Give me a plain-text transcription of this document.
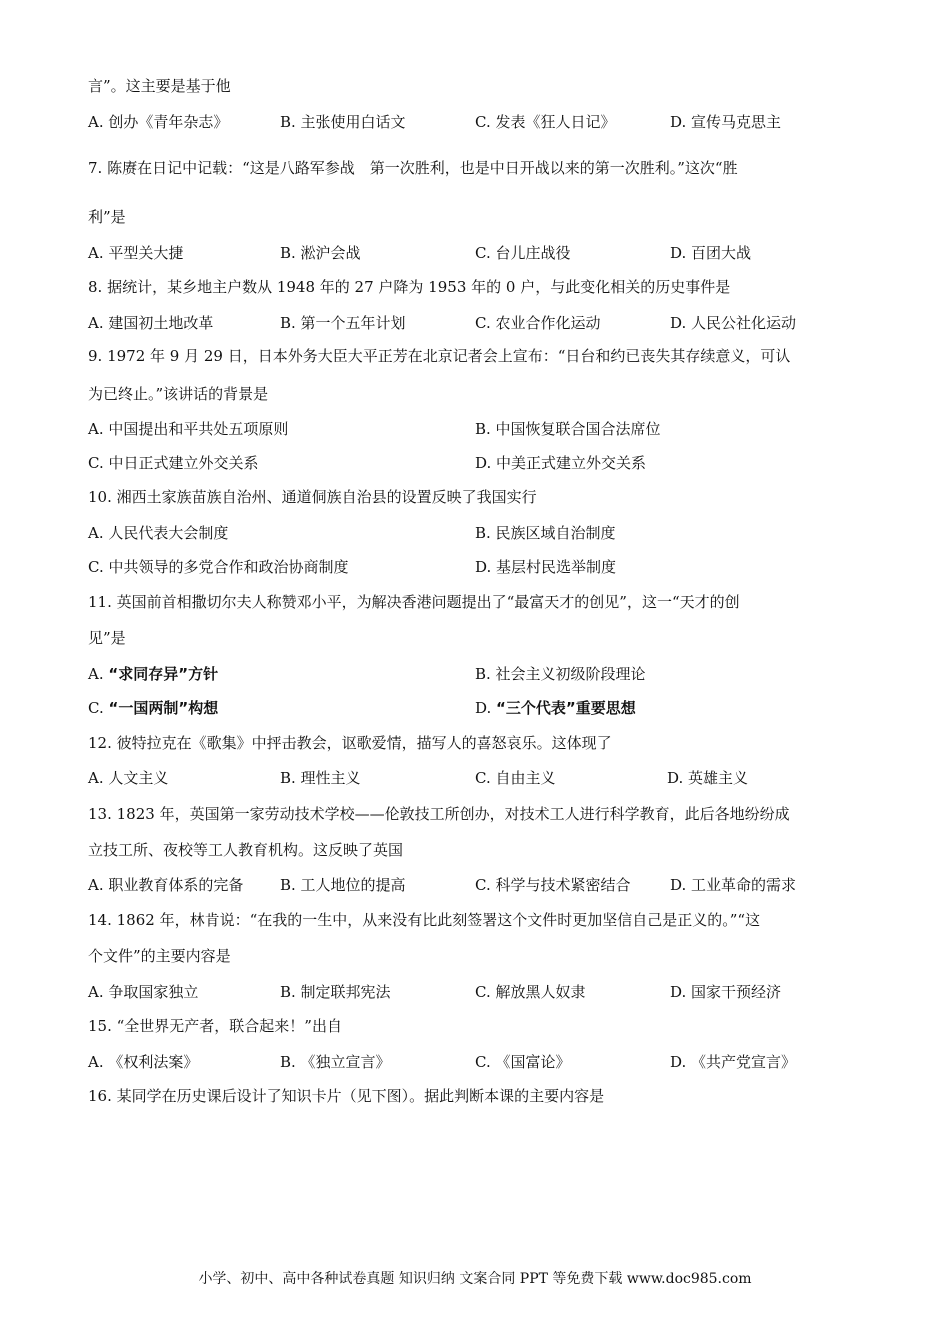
言”。这主要是基于他
A. 创办《青年杂志》	B. 主张使用白话文	C. 发表《狂人日记》	D. 宣传马克思主
7. 陈赓在日记中记载：“这是八路军参战　第一次胜利，也是中日开战以来的第一次胜利。”这次“胜
利”是
A. 平型关大捷	B. 淞沪会战	C. 台儿庄战役	D. 百团大战
8. 据统计，某乡地主户数从 1948 年的 27 户降为 1953 年的 0 户，与此变化相关的历史事件是
A. 建国初土地改革	B. 第一个五年计划	C. 农业合作化运动	D. 人民公社化运动
9. 1972 年 9 月 29 日，日本外务大臣大平正芳在北京记者会上宣布：“日台和约已丧失其存续意义，可认
为已终止。”该讲话的背景是
A. 中国提出和平共处五项原则	B. 中国恢复联合国合法席位
C. 中日正式建立外交关系	D. 中美正式建立外交关系
10. 湘西土家族苗族自治州、通道侗族自治县的设置反映了我国实行
A. 人民代表大会制度	B. 民族区域自治制度
C. 中共领导的多党合作和政治协商制度	D. 基层村民选举制度
11. 英国前首相撒切尔夫人称赞邓小平，为解决香港问题提出了“最富天才的创见”，这一“天才的创
见”是
A. “求同存异”方针	B. 社会主义初级阶段理论
C. “一国两制”构想	D. “三个代表”重要思想
12. 彼特拉克在《歌集》中抨击教会，讴歌爱情，描写人的喜怒哀乐。这体现了
A. 人文主义	B. 理性主义	C. 自由主义	D. 英雄主义
13. 1823 年，英国第一家劳动技术学校——伦敦技工所创办，对技术工人进行科学教育，此后各地纷纷成
立技工所、夜校等工人教育机构。这反映了英国
A. 职业教育体系的完备 B. 工人地位的提高	C. 科学与技术紧密结合	D. 工业革命的需求
14. 1862 年，林肯说：“在我的一生中，从来没有比此刻签署这个文件时更加坚信自己是正义的。”“这
个文件”的主要内容是
A. 争取国家独立	B. 制定联邦宪法	C. 解放黑人奴隶	D. 国家干预经济
15. “全世界无产者，联合起来！”出自
A. 《权利法案》	B. 《独立宣言》	C. 《国富论》	D. 《共产党宣言》
16. 某同学在历史课后设计了知识卡片（见下图）。据此判断本课的主要内容是
小学、初中、高中各种试卷真题 知识归纳 文案合同 PPT 等免费下载 www.doc985.com
